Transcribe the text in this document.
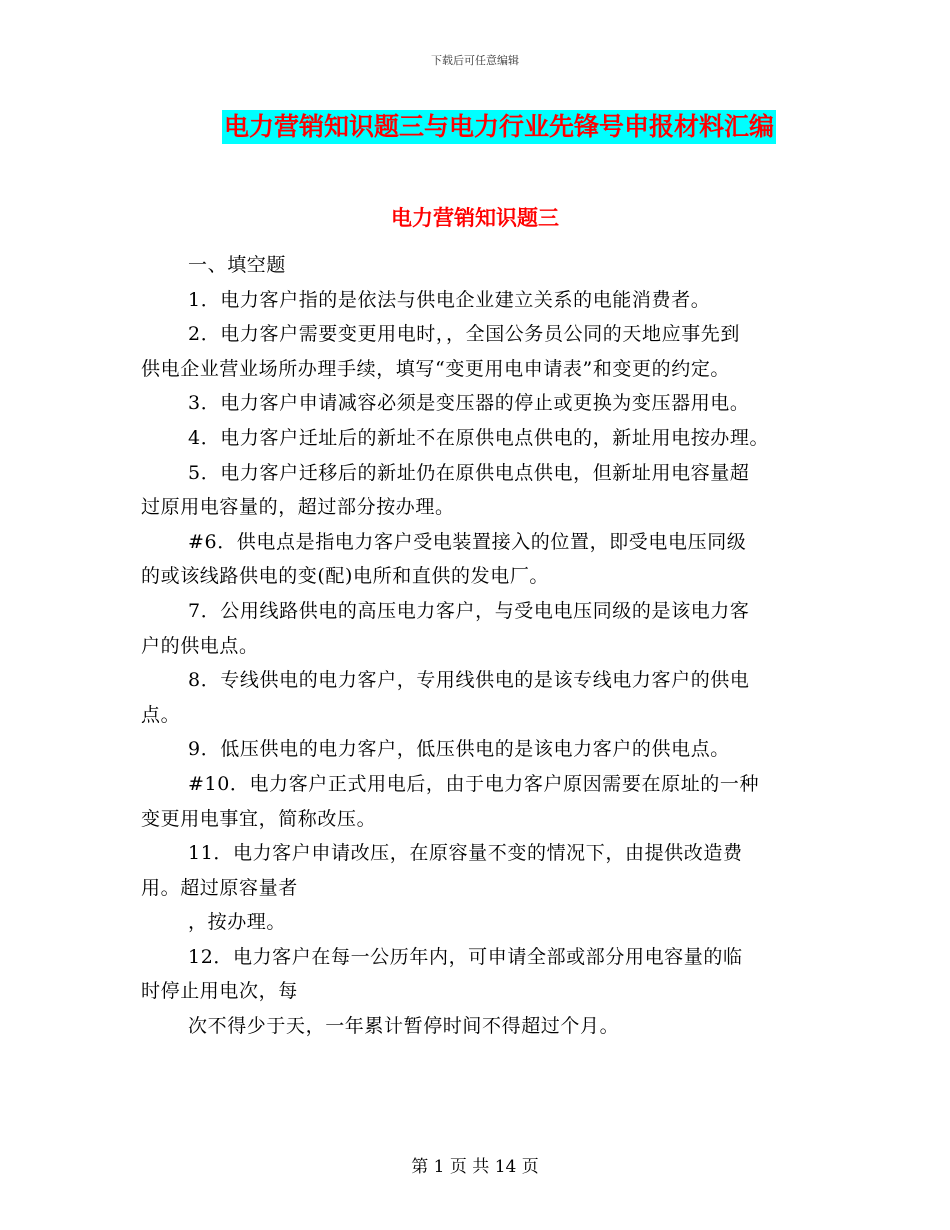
下载后可任意编辑
电力营销知识题三与电力行业先锋号申报材料汇编
电力营销知识题三
一、填空题
1．电力客户指的是依法与供电企业建立关系的电能消费者。
2．电力客户需要变更用电时，，全国公务员公同的天地应事先到
供电企业营业场所办理手续，填写“变更用电申请表”和变更的约定。
3．电力客户申请减容必须是变压器的停止或更换为变压器用电。
4．电力客户迁址后的新址不在原供电点供电的，新址用电按办理。
5．电力客户迁移后的新址仍在原供电点供电，但新址用电容量超
过原用电容量的，超过部分按办理。
#6．供电点是指电力客户受电装置接入的位置，即受电电压同级
的或该线路供电的变(配)电所和直供的发电厂。
7．公用线路供电的高压电力客户，与受电电压同级的是该电力客
户的供电点。
8．专线供电的电力客户，专用线供电的是该专线电力客户的供电
点。
9．低压供电的电力客户，低压供电的是该电力客户的供电点。
#10．电力客户正式用电后，由于电力客户原因需要在原址的一种
变更用电事宜，简称改压。
11．电力客户申请改压，在原容量不变的情况下，由提供改造费
用。超过原容量者
，按办理。
12．电力客户在每一公历年内，可申请全部或部分用电容量的临
时停止用电次，每
次不得少于天，一年累计暂停时间不得超过个月。
第 1 页 共 14 页
